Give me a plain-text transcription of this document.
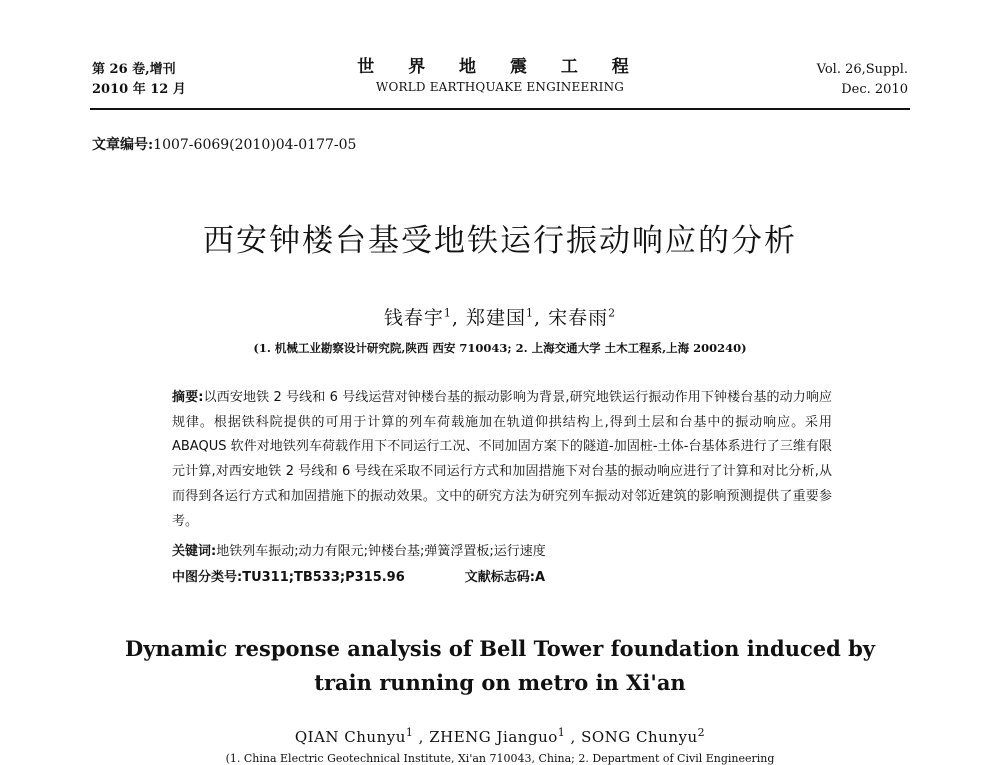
第 26 卷,增刊
2010 年 12 月
世 界 地 震 工 程
WORLD EARTHQUAKE ENGINEERING
Vol. 26,Suppl.
Dec. 2010
文章编号:1007-6069(2010)04-0177-05
西安钟楼台基受地铁运行振动响应的分析
钱春宇$^1$, 郑建国$^1$, 宋春雨$^2$
(1. 机械工业勘察设计研究院,陕西 西安 710043; 2. 上海交通大学 土木工程系,上海 200240)
摘要:以西安地铁 2 号线和 6 号线运营对钟楼台基的振动影响为背景,研究地铁运行振动作用下钟楼台基的动力响应规律。根据铁科院提供的可用于计算的列车荷载施加在轨道仰拱结构上,得到土层和台基中的振动响应。采用 ABAQUS 软件对地铁列车荷载作用下不同运行工况、不同加固方案下的隧道-加固桩-土体-台基体系进行了三维有限元计算,对西安地铁 2 号线和 6 号线在采取不同运行方式和加固措施下对台基的振动响应进行了计算和对比分析,从而得到各运行方式和加固措施下的振动效果。文中的研究方法为研究列车振动对邻近建筑的影响预测提供了重要参考。
关键词:地铁列车振动;动力有限元;钟楼台基;弹簧浮置板;运行速度
中图分类号:TU311;TB533;P315.96	文献标志码:A
Dynamic response analysis of Bell Tower foundation induced by train running on metro in Xi'an
QIAN Chunyu$^1$ , ZHENG Jianguo$^1$ , SONG Chunyu$^2$
(1. China Electric Geotechnical Institute, Xi'an 710043, China; 2. Department of Civil Engineering
